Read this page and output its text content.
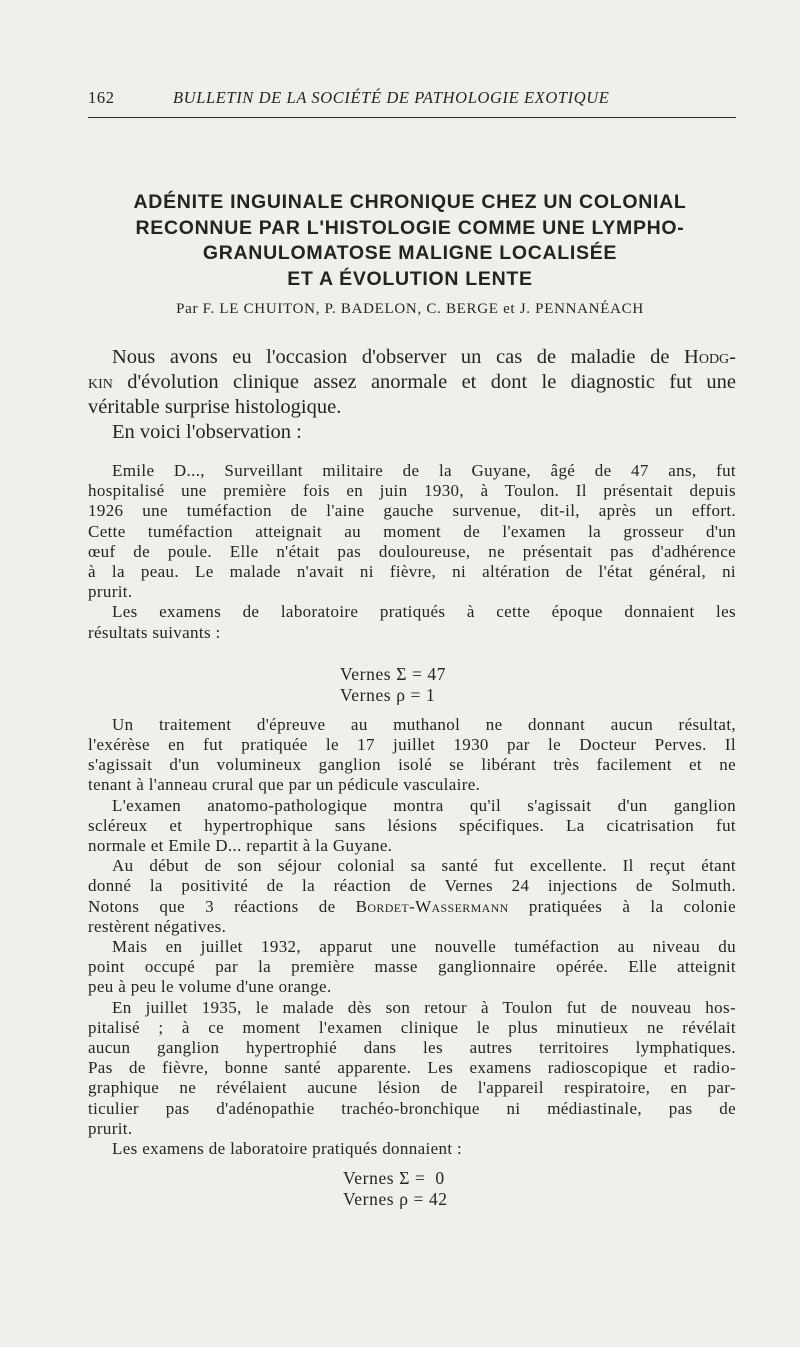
162	BULLETIN DE LA SOCIÉTÉ DE PATHOLOGIE EXOTIQUE
ADÉNITE INGUINALE CHRONIQUE CHEZ UN COLONIAL
RECONNUE PAR L'HISTOLOGIE COMME UNE LYMPHO-
GRANULOMATOSE MALIGNE LOCALISÉE
ET A ÉVOLUTION LENTE
Par F. LE CHUITON, P. BADELON, C. BERGE et J. PENNANÉACH
Nous avons eu l'occasion d'observer un cas de maladie de Hodg-
kin d'évolution clinique assez anormale et dont le diagnostic fut une
véritable surprise histologique.
En voici l'observation :
Emile D..., Surveillant militaire de la Guyane, âgé de 47 ans, fut
hospitalisé une première fois en juin 1930, à Toulon. Il présentait depuis
1926 une tuméfaction de l'aine gauche survenue, dit-il, après un effort.
Cette tuméfaction atteignait au moment de l'examen la grosseur d'un
œuf de poule. Elle n'était pas douloureuse, ne présentait pas d'adhérence
à la peau. Le malade n'avait ni fièvre, ni altération de l'état général, ni
prurit.
Les examens de laboratoire pratiqués à cette époque donnaient les
résultats suivants :
Un traitement d'épreuve au muthanol ne donnant aucun résultat,
l'exérèse en fut pratiquée le 17 juillet 1930 par le Docteur Perves. Il
s'agissait d'un volumineux ganglion isolé se libérant très facilement et ne
tenant à l'anneau crural que par un pédicule vasculaire.
L'examen anatomo-pathologique montra qu'il s'agissait d'un ganglion
scléreux et hypertrophique sans lésions spécifiques. La cicatrisation fut
normale et Emile D... repartit à la Guyane.
Au début de son séjour colonial sa santé fut excellente. Il reçut étant
donné la positivité de la réaction de Vernes 24 injections de Solmuth.
Notons que 3 réactions de Bordet-Wassermann pratiquées à la colonie
restèrent négatives.
Mais en juillet 1932, apparut une nouvelle tuméfaction au niveau du
point occupé par la première masse ganglionnaire opérée. Elle atteignit
peu à peu le volume d'une orange.
En juillet 1935, le malade dès son retour à Toulon fut de nouveau hos-
pitalisé ; à ce moment l'examen clinique le plus minutieux ne révélait
aucun ganglion hypertrophié dans les autres territoires lymphatiques.
Pas de fièvre, bonne santé apparente. Les examens radioscopique et radio-
graphique ne révélaient aucune lésion de l'appareil respiratoire, en par-
ticulier pas d'adénopathie trachéo-bronchique ni médiastinale, pas de
prurit.
Les examens de laboratoire pratiqués donnaient :
Vernes Σ = 47
Vernes ρ = 1
Vernes Σ =  0
Vernes ρ = 42
